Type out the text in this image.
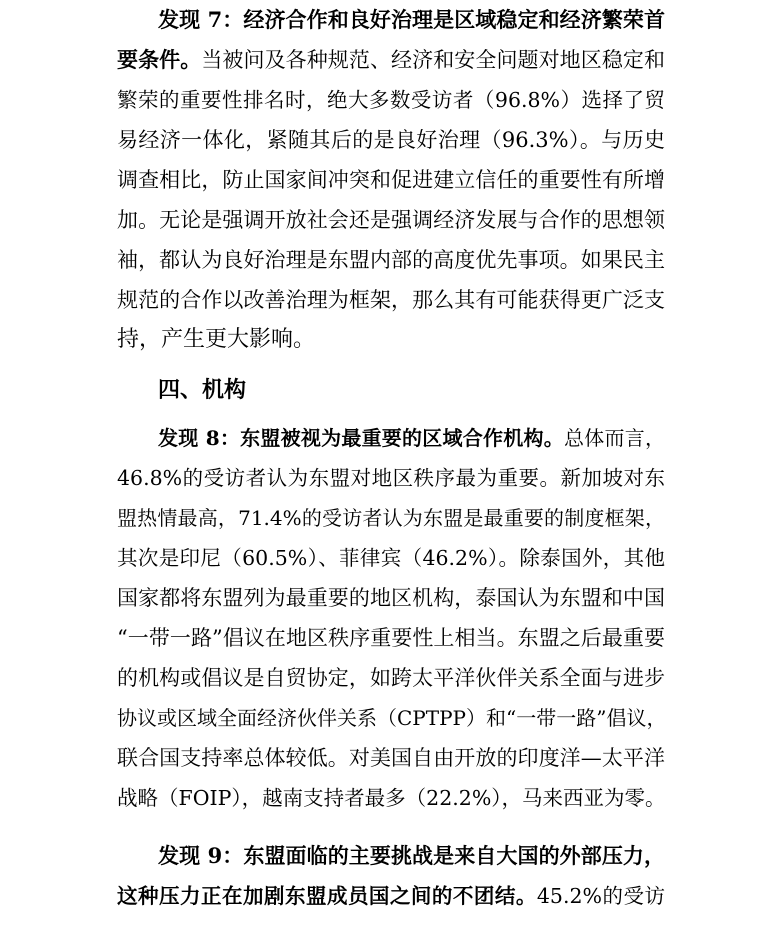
发现 7：经济合作和良好治理是区域稳定和经济繁荣首
要条件。当被问及各种规范、经济和安全问题对地区稳定和
繁荣的重要性排名时，绝大多数受访者（96.8%）选择了贸
易经济一体化，紧随其后的是良好治理（96.3%）。与历史
调查相比，防止国家间冲突和促进建立信任的重要性有所增
加。无论是强调开放社会还是强调经济发展与合作的思想领
袖，都认为良好治理是东盟内部的高度优先事项。如果民主
规范的合作以改善治理为框架，那么其有可能获得更广泛支
持，产生更大影响。
四、机构
发现 8：东盟被视为最重要的区域合作机构。总体而言，
46.8%的受访者认为东盟对地区秩序最为重要。新加坡对东
盟热情最高，71.4%的受访者认为东盟是最重要的制度框架，
其次是印尼（60.5%）、菲律宾（46.2%）。除泰国外，其他
国家都将东盟列为最重要的地区机构，泰国认为东盟和中国
“一带一路”倡议在地区秩序重要性上相当。东盟之后最重要
的机构或倡议是自贸协定，如跨太平洋伙伴关系全面与进步
协议或区域全面经济伙伴关系（CPTPP）和“一带一路”倡议，
联合国支持率总体较低。对美国自由开放的印度洋—太平洋
战略（FOIP），越南支持者最多（22.2%），马来西亚为零。
发现 9：东盟面临的主要挑战是来自大国的外部压力，
这种压力正在加剧东盟成员国之间的不团结。45.2%的受访
